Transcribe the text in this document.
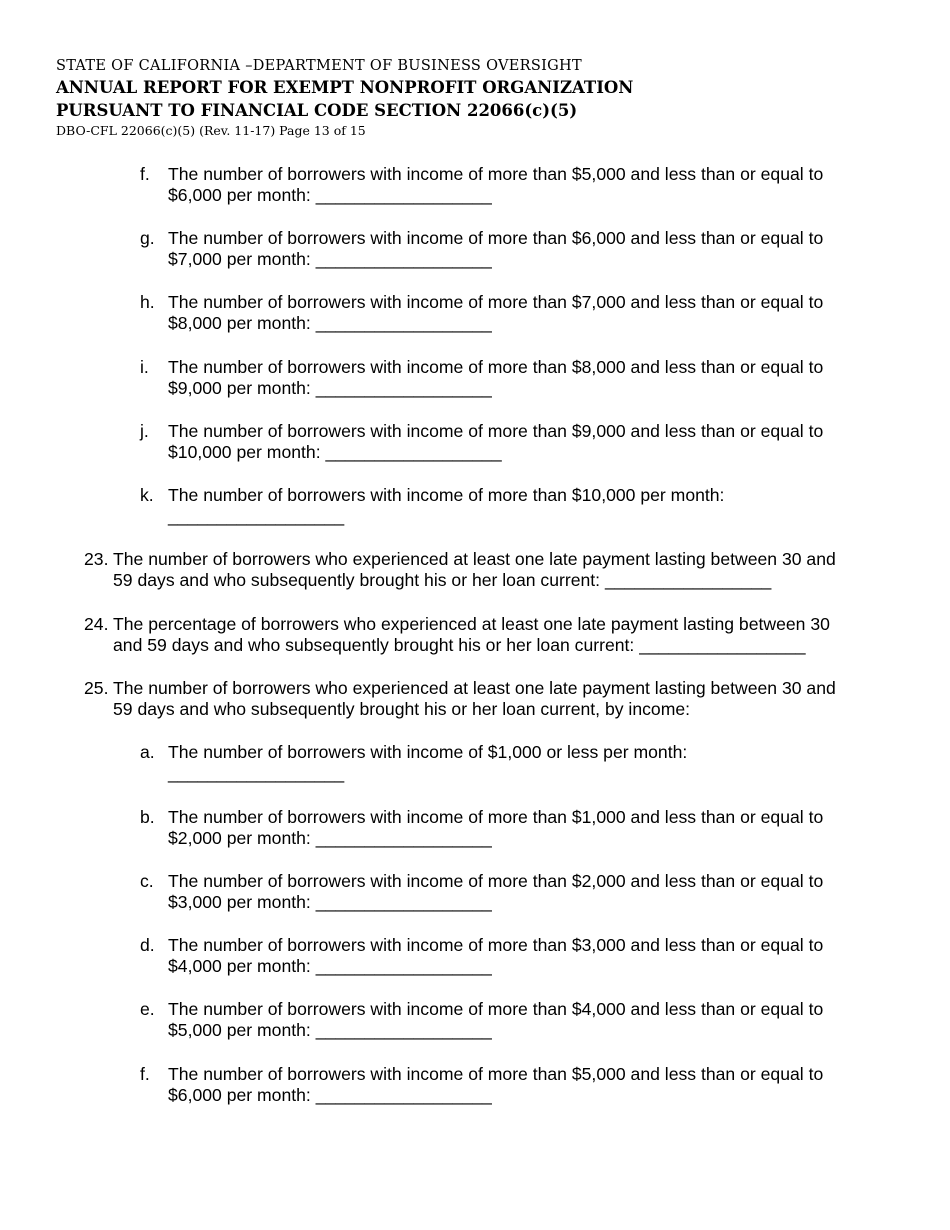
STATE OF CALIFORNIA –DEPARTMENT OF BUSINESS OVERSIGHT
ANNUAL REPORT FOR EXEMPT NONPROFIT ORGANIZATION
PURSUANT TO FINANCIAL CODE SECTION 22066(c)(5)
DBO-CFL 22066(c)(5) (Rev. 11-17) Page 13 of 15
f.	The number of borrowers with income of more than $5,000 and less than or equal to
$6,000 per month: __________________
g. The number of borrowers with income of more than $6,000 and less than or equal to
$7,000 per month: __________________
h. The number of borrowers with income of more than $7,000 and less than or equal to
$8,000 per month: __________________
i.	The number of borrowers with income of more than $8,000 and less than or equal to
$9,000 per month: __________________
j.	The number of borrowers with income of more than $9,000 and less than or equal to
$10,000 per month: __________________
k. The number of borrowers with income of more than $10,000 per month:
__________________
23. The number of borrowers who experienced at least one late payment lasting between 30 and
59 days and who subsequently brought his or her loan current: _________________
24. The percentage of borrowers who experienced at least one late payment lasting between 30
and 59 days and who subsequently brought his or her loan current: _________________
25. The number of borrowers who experienced at least one late payment lasting between 30 and
59 days and who subsequently brought his or her loan current, by income:
a. The number of borrowers with income of $1,000 or less per month:
__________________
b. The number of borrowers with income of more than $1,000 and less than or equal to
$2,000 per month: __________________
c. The number of borrowers with income of more than $2,000 and less than or equal to
$3,000 per month: __________________
d. The number of borrowers with income of more than $3,000 and less than or equal to
$4,000 per month: __________________
e. The number of borrowers with income of more than $4,000 and less than or equal to
$5,000 per month: __________________
f.	The number of borrowers with income of more than $5,000 and less than or equal to
$6,000 per month: __________________
